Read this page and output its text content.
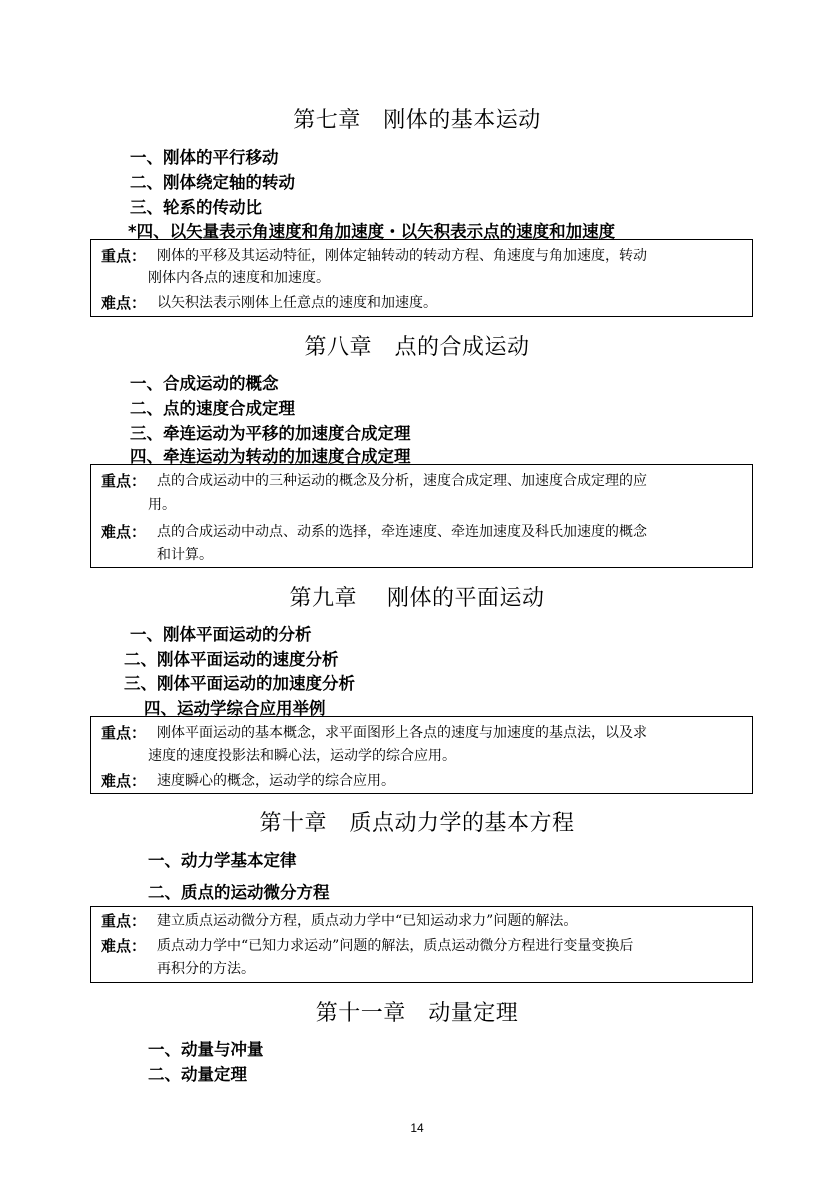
第七章　刚体的基本运动
一、刚体的平行移动
二、刚体绕定轴的转动
三、轮系的传动比
*四、以矢量表示角速度和角加速度・以矢积表示点的速度和加速度
重点： 刚体的平移及其运动特征，刚体定轴转动的转动方程、角速度与角加速度，转动
刚体内各点的速度和加速度。
难点： 以矢积法表示刚体上任意点的速度和加速度。
第八章　点的合成运动
一、合成运动的概念
二、点的速度合成定理
三、牵连运动为平移的加速度合成定理
四、牵连运动为转动的加速度合成定理
重点： 点的合成运动中的三种运动的概念及分析，速度合成定理、加速度合成定理的应
用。
难点： 点的合成运动中动点、动系的选择，牵连速度、牵连加速度及科氏加速度的概念
和计算。
第九章　 刚体的平面运动
一、刚体平面运动的分析
二、刚体平面运动的速度分析
三、刚体平面运动的加速度分析
四、运动学综合应用举例
重点： 刚体平面运动的基本概念，求平面图形上各点的速度与加速度的基点法，以及求
速度的速度投影法和瞬心法，运动学的综合应用。
难点： 速度瞬心的概念，运动学的综合应用。
第十章　质点动力学的基本方程
一、动力学基本定律
二、质点的运动微分方程
重点： 建立质点运动微分方程，质点动力学中“已知运动求力”问题的解法。
难点： 质点动力学中“已知力求运动”问题的解法，质点运动微分方程进行变量变换后
再积分的方法。
第十一章　动量定理
一、动量与冲量
二、动量定理
14
